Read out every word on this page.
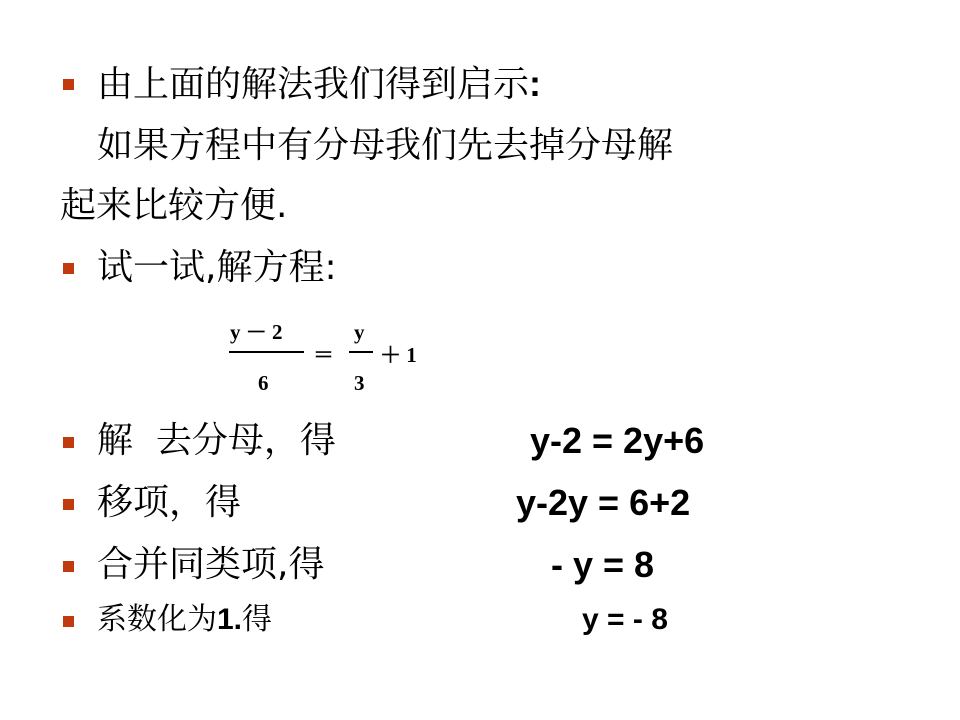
由上面的解法我们得到启示:
如果方程中有分母我们先去掉分母解
起来比较方便.
试一试,解方程:
y － 2
6
＝
y
3
＋ 1
解  去分母，得	y-2 = 2y+6
移项，得	y-2y = 6+2
合并同类项,得	- y = 8
系数化为1.得	y = - 8
